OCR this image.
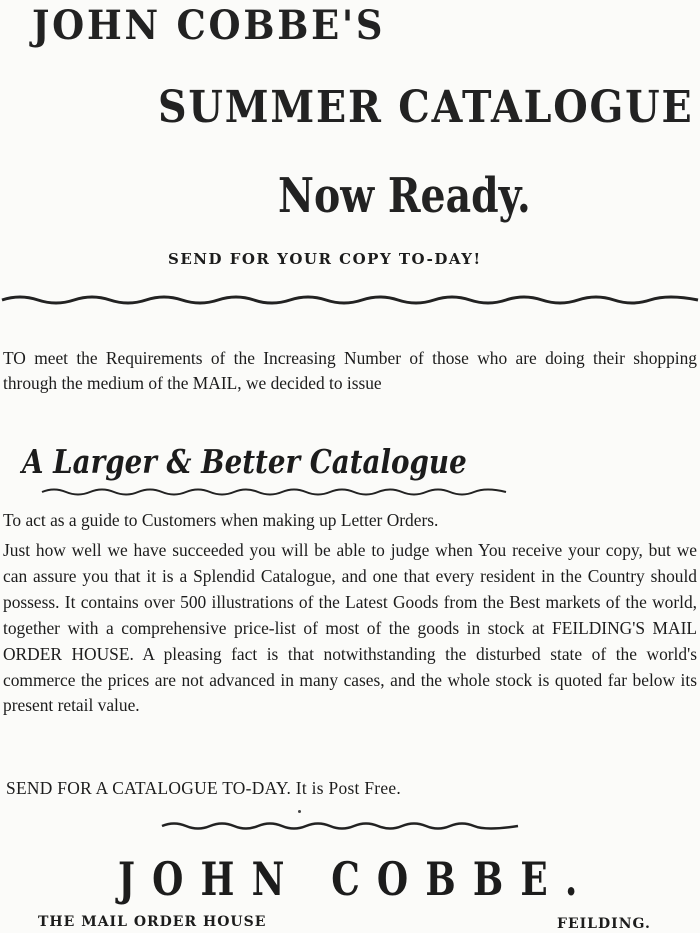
JOHN COBBE'S
SUMMER CATALOGUE
Now Ready.
SEND FOR YOUR COPY TO-DAY!
TO meet the Requirements of the Increasing Number of those who are doing their shopping through the medium of the MAIL, we decided to issue
A Larger & Better Catalogue
To act as a guide to Customers when making up Letter Orders.
Just how well we have succeeded you will be able to judge when You receive your copy, but we can assure you that it is a Splendid Catalogue, and one that every resident in the Country should possess. It contains over 500 illustrations of the Latest Goods from the Best markets of the world, together with a comprehensive price-list of most of the goods in stock at FEILDING'S MAIL ORDER HOUSE. A pleasing fact is that notwithstanding the disturbed state of the world's commerce the prices are not advanced in many cases, and the whole stock is quoted far below its present retail value.
SEND FOR A CATALOGUE TO-DAY. It is Post Free.
JOHN COBBE.
THE MAIL ORDER HOUSE	FEILDING.
